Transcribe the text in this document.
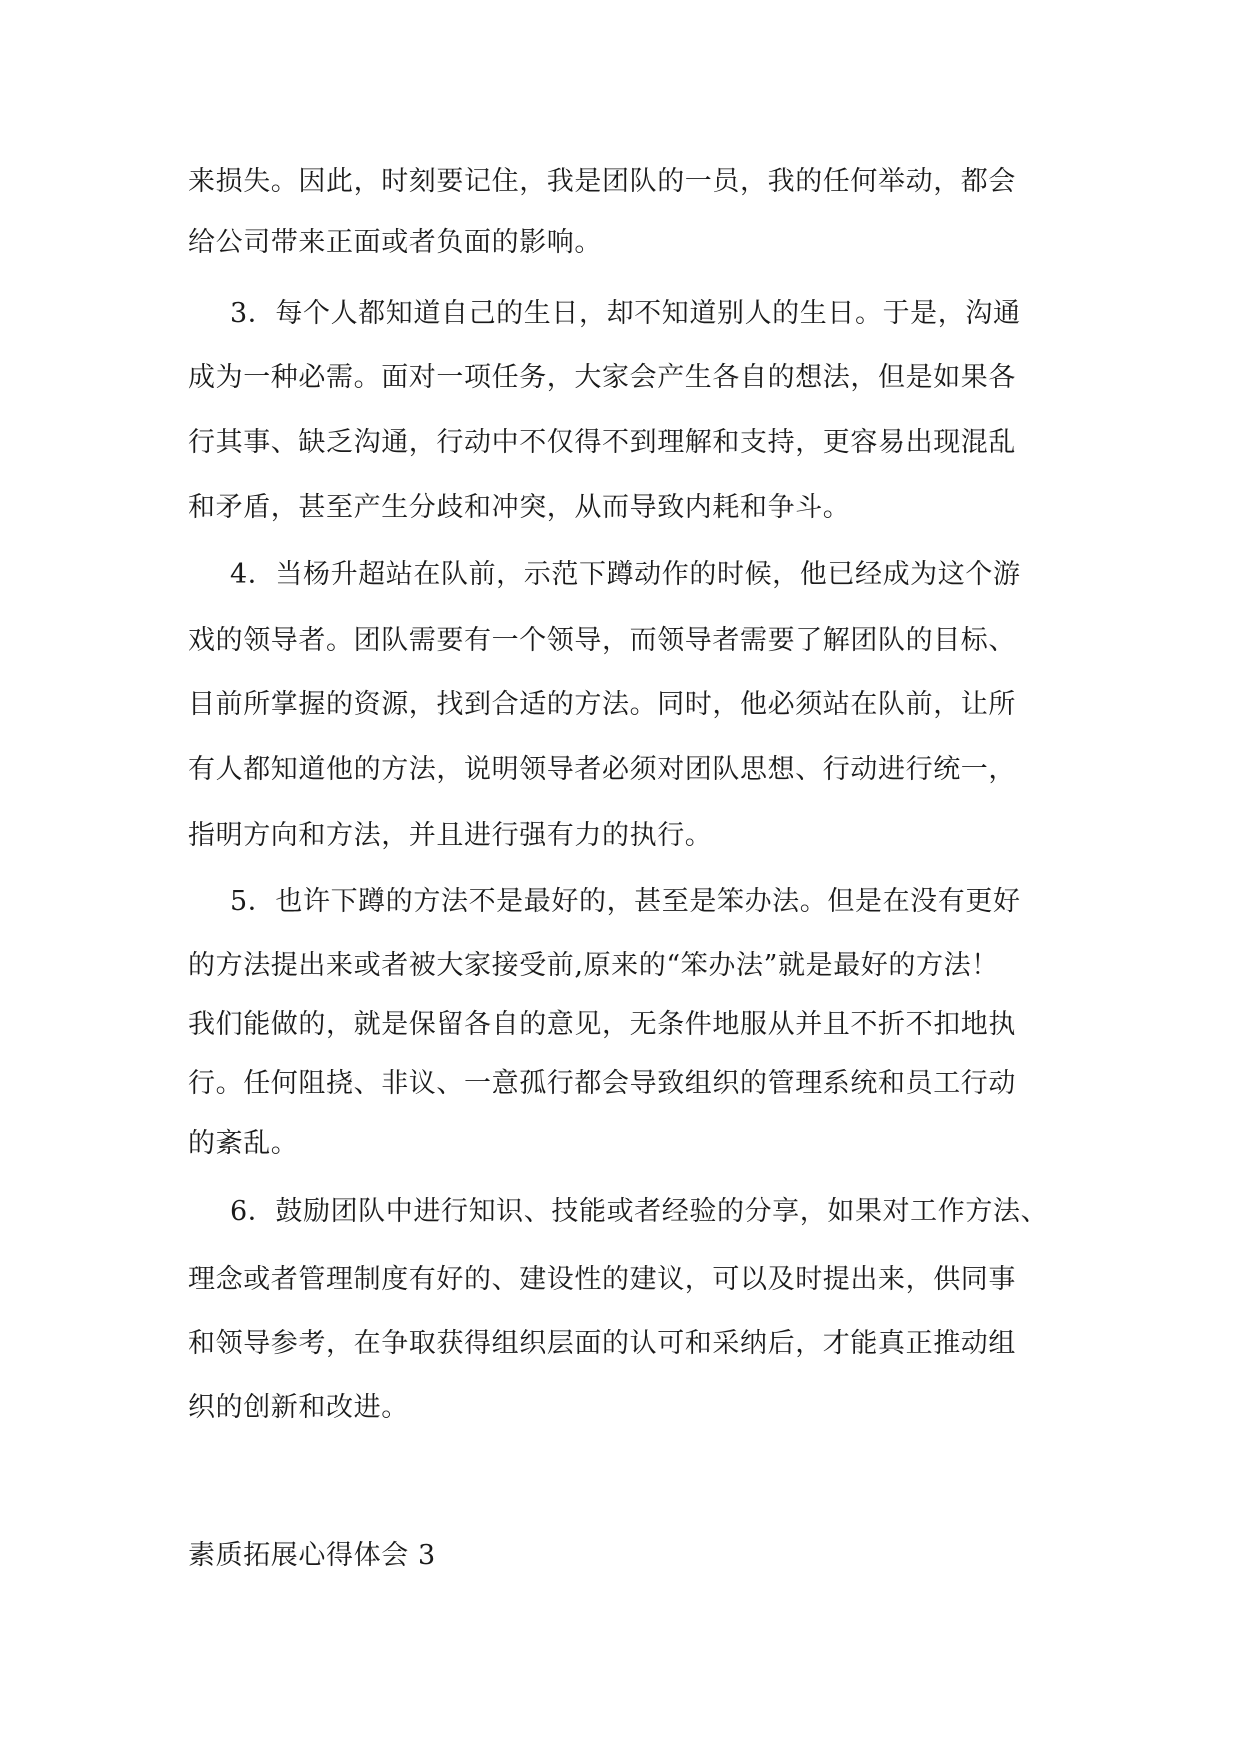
来损失。因此，时刻要记住，我是团队的一员，我的任何举动，都会

给公司带来正面或者负面的影响。

3．每个人都知道自己的生日，却不知道别人的生日。于是，沟通

成为一种必需。面对一项任务，大家会产生各自的想法，但是如果各

行其事、缺乏沟通，行动中不仅得不到理解和支持，更容易出现混乱

和矛盾，甚至产生分歧和冲突，从而导致内耗和争斗。

4．当杨升超站在队前，示范下蹲动作的时候，他已经成为这个游

戏的领导者。团队需要有一个领导，而领导者需要了解团队的目标、

目前所掌握的资源，找到合适的方法。同时，他必须站在队前，让所

有人都知道他的方法，说明领导者必须对团队思想、行动进行统一，

指明方向和方法，并且进行强有力的执行。

5．也许下蹲的方法不是最好的，甚至是笨办法。但是在没有更好

的方法提出来或者被大家接受前,原来的“笨办法”就是最好的方法！

我们能做的，就是保留各自的意见，无条件地服从并且不折不扣地执

行。任何阻挠、非议、一意孤行都会导致组织的管理系统和员工行动

的紊乱。

6．鼓励团队中进行知识、技能或者经验的分享，如果对工作方法、

理念或者管理制度有好的、建设性的建议，可以及时提出来，供同事

和领导参考，在争取获得组织层面的认可和采纳后，才能真正推动组

织的创新和改进。

素质拓展心得体会 3
